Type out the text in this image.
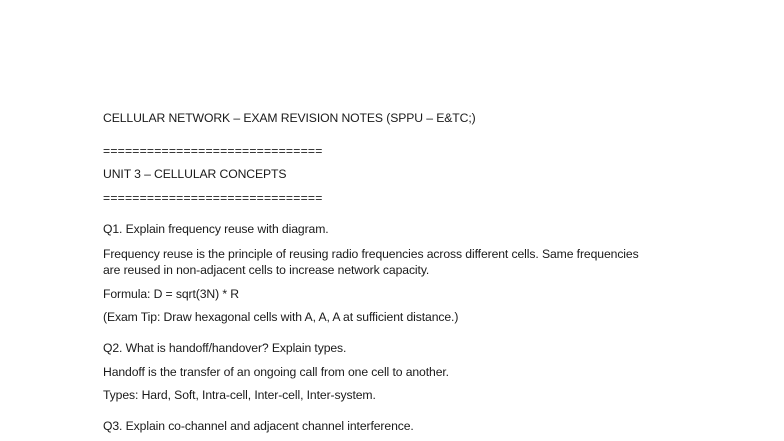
CELLULAR NETWORK – EXAM REVISION NOTES (SPPU – E&TC;)
==============================
UNIT 3 – CELLULAR CONCEPTS
==============================
Q1. Explain frequency reuse with diagram.
Frequency reuse is the principle of reusing radio frequencies across different cells. Same frequencies are reused in non-adjacent cells to increase network capacity.
Formula: D = sqrt(3N) * R
(Exam Tip: Draw hexagonal cells with A, A, A at sufficient distance.)
Q2. What is handoff/handover? Explain types.
Handoff is the transfer of an ongoing call from one cell to another.
Types: Hard, Soft, Intra-cell, Inter-cell, Inter-system.
Q3. Explain co-channel and adjacent channel interference.
